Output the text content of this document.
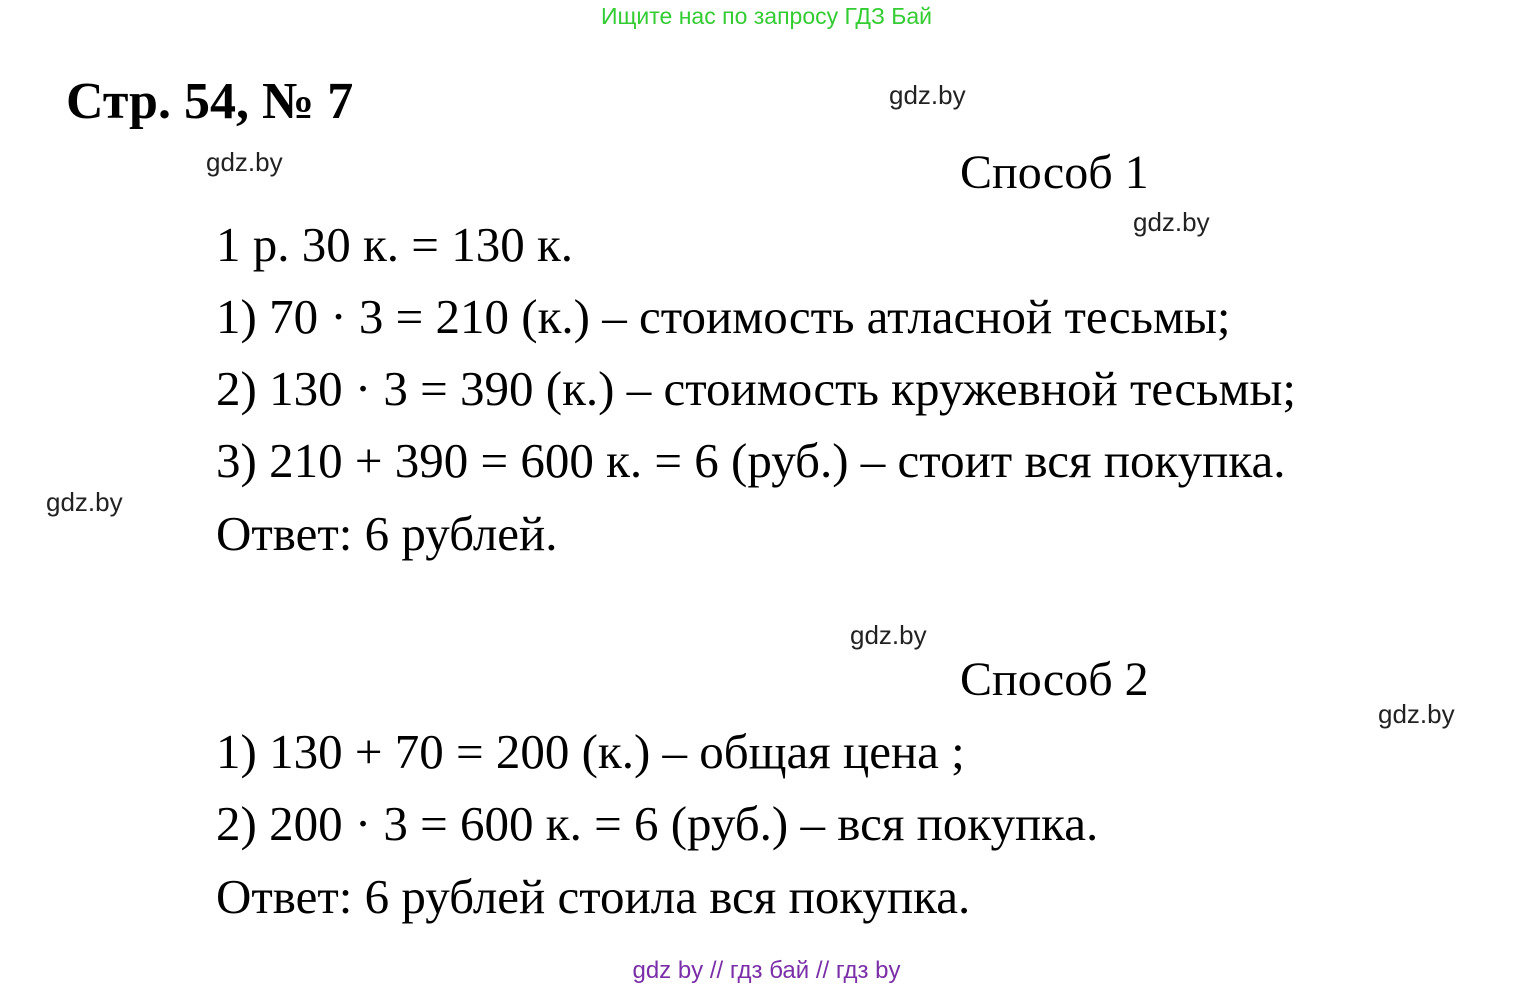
Ищите нас по запросу ГДЗ Бай
Стр. 54, № 7	gdz.by
gdz.by
gdz.by
gdz.by
gdz.by
gdz.by
Способ 1
1 р. 30 к. = 130 к.
1) 70 · 3 = 210 (к.) – стоимость атласной тесьмы;
2) 130 · 3 = 390 (к.) – стоимость кружевной тесьмы;
3) 210 + 390 = 600 к. = 6 (руб.) – стоит вся покупка.
Ответ: 6 рублей.
Способ 2
1) 130 + 70 = 200 (к.) – общая цена ;
2) 200 · 3 = 600 к. = 6 (руб.) – вся покупка.
Ответ: 6 рублей стоила вся покупка.
gdz by // гдз бай // гдз by
